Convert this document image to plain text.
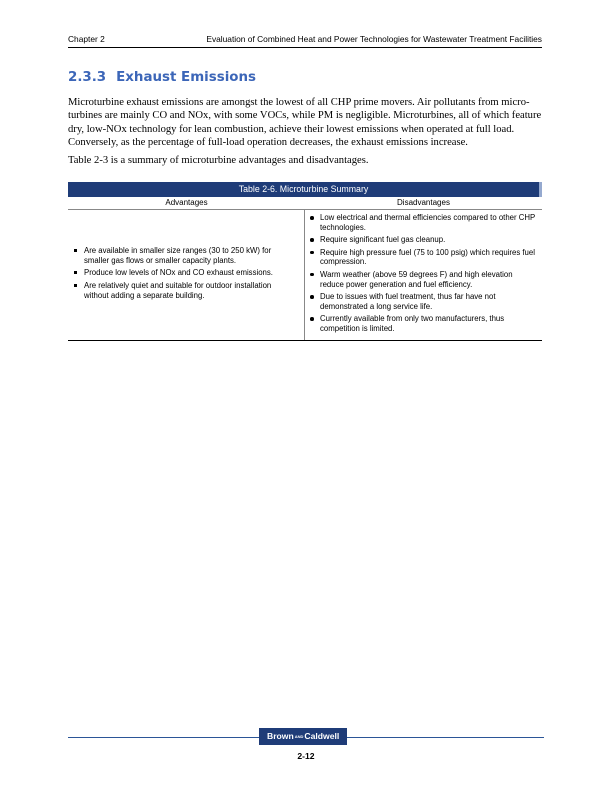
Chapter 2	Evaluation of Combined Heat and Power Technologies for Wastewater Treatment Facilities
2.3.3 Exhaust Emissions

Microturbine exhaust emissions are amongst the lowest of all CHP prime movers. Air pollutants from micro-turbines are mainly CO and NOx, with some VOCs, while PM is negligible. Microturbines, all of which feature dry, low-NOx technology for lean combustion, achieve their lowest emissions when operated at full load. Conversely, as the percentage of full-load operation decreases, the exhaust emissions increase.

Table 2-3 is a summary of microturbine advantages and disadvantages.

Table 2-6. Microturbine Summary
Advantages	Disadvantages
Are available in smaller size ranges (30 to 250 kW) for smaller gas flows or smaller capacity plants.
Produce low levels of NOx and CO exhaust emissions.
Are relatively quiet and suitable for outdoor installation without adding a separate building.
Low electrical and thermal efficiencies compared to other CHP technologies.
Require significant fuel gas cleanup.
Require high pressure fuel (75 to 100 psig) which requires fuel compression.
Warm weather (above 59 degrees F) and high elevation reduce power generation and fuel efficiency.
Due to issues with fuel treatment, thus far have not demonstrated a long service life.
Currently available from only two manufacturers, thus competition is limited.
Brown AND Caldwell
2-12
